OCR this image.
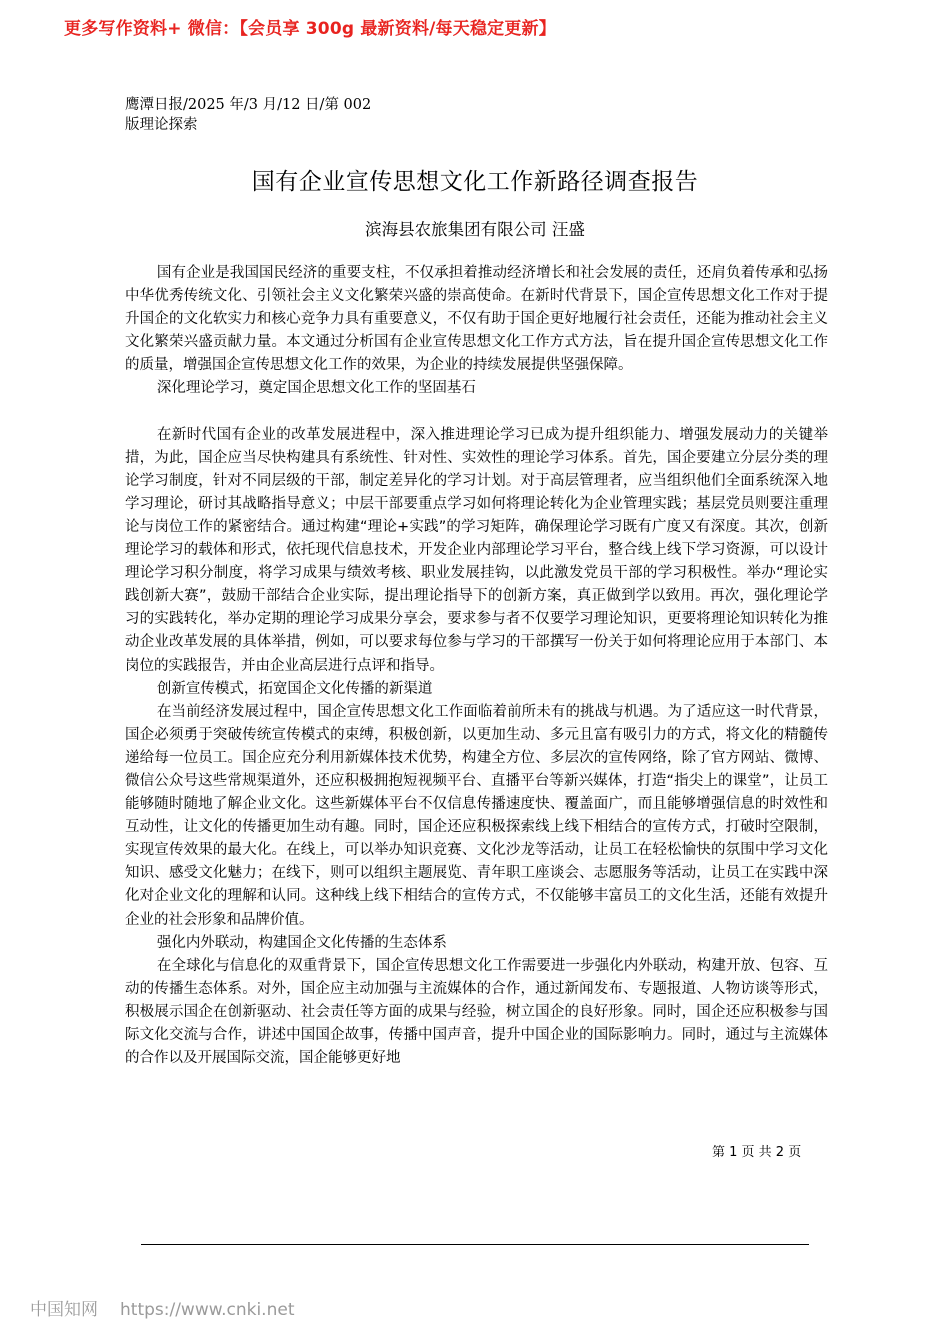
更多写作资料+ 微信：【会员享 300g 最新资料/每天稳定更新】
鹰潭日报/2025 年/3 月/12 日/第 002
版理论探索
国有企业宣传思想文化工作新路径调查报告
滨海县农旅集团有限公司 汪盛

国有企业是我国国民经济的重要支柱，不仅承担着推动经济增长和社会发展的责任，还肩负着传承和弘扬中华优秀传统文化、引领社会主义文化繁荣兴盛的崇高使命。在新时代背景下，国企宣传思想文化工作对于提升国企的文化软实力和核心竞争力具有重要意义，不仅有助于国企更好地履行社会责任，还能为推动社会主义文化繁荣兴盛贡献力量。本文通过分析国有企业宣传思想文化工作方式方法，旨在提升国企宣传思想文化工作的质量，增强国企宣传思想文化工作的效果，为企业的持续发展提供坚强保障。

深化理论学习，奠定国企思想文化工作的坚固基石

在新时代国有企业的改革发展进程中，深入推进理论学习已成为提升组织能力、增强发展动力的关键举措，为此，国企应当尽快构建具有系统性、针对性、实效性的理论学习体系。首先，国企要建立分层分类的理论学习制度，针对不同层级的干部，制定差异化的学习计划。对于高层管理者，应当组织他们全面系统深入地学习理论，研讨其战略指导意义；中层干部要重点学习如何将理论转化为企业管理实践；基层党员则要注重理论与岗位工作的紧密结合。通过构建“理论+实践”的学习矩阵，确保理论学习既有广度又有深度。其次，创新理论学习的载体和形式，依托现代信息技术，开发企业内部理论学习平台，整合线上线下学习资源，可以设计理论学习积分制度，将学习成果与绩效考核、职业发展挂钩，以此激发党员干部的学习积极性。举办“理论实践创新大赛”，鼓励干部结合企业实际，提出理论指导下的创新方案，真正做到学以致用。再次，强化理论学习的实践转化，举办定期的理论学习成果分享会，要求参与者不仅要学习理论知识，更要将理论知识转化为推动企业改革发展的具体举措，例如，可以要求每位参与学习的干部撰写一份关于如何将理论应用于本部门、本岗位的实践报告，并由企业高层进行点评和指导。

创新宣传模式，拓宽国企文化传播的新渠道

在当前经济发展过程中，国企宣传思想文化工作面临着前所未有的挑战与机遇。为了适应这一时代背景，国企必须勇于突破传统宣传模式的束缚，积极创新，以更加生动、多元且富有吸引力的方式，将文化的精髓传递给每一位员工。国企应充分利用新媒体技术优势，构建全方位、多层次的宣传网络，除了官方网站、微博、微信公众号这些常规渠道外，还应积极拥抱短视频平台、直播平台等新兴媒体，打造“指尖上的课堂”，让员工能够随时随地了解企业文化。这些新媒体平台不仅信息传播速度快、覆盖面广，而且能够增强信息的时效性和互动性，让文化的传播更加生动有趣。同时，国企还应积极探索线上线下相结合的宣传方式，打破时空限制，实现宣传效果的最大化。在线上，可以举办知识竞赛、文化沙龙等活动，让员工在轻松愉快的氛围中学习文化知识、感受文化魅力；在线下，则可以组织主题展览、青年职工座谈会、志愿服务等活动，让员工在实践中深化对企业文化的理解和认同。这种线上线下相结合的宣传方式，不仅能够丰富员工的文化生活，还能有效提升企业的社会形象和品牌价值。

强化内外联动，构建国企文化传播的生态体系

在全球化与信息化的双重背景下，国企宣传思想文化工作需要进一步强化内外联动，构建开放、包容、互动的传播生态体系。对外，国企应主动加强与主流媒体的合作，通过新闻发布、专题报道、人物访谈等形式，积极展示国企在创新驱动、社会责任等方面的成果与经验，树立国企的良好形象。同时，国企还应积极参与国际文化交流与合作，讲述中国国企故事，传播中国声音，提升中国企业的国际影响力。同时，通过与主流媒体的合作以及开展国际交流，国企能够更好地

第 1 页 共 2 页
中国知网 https://www.cnki.net
